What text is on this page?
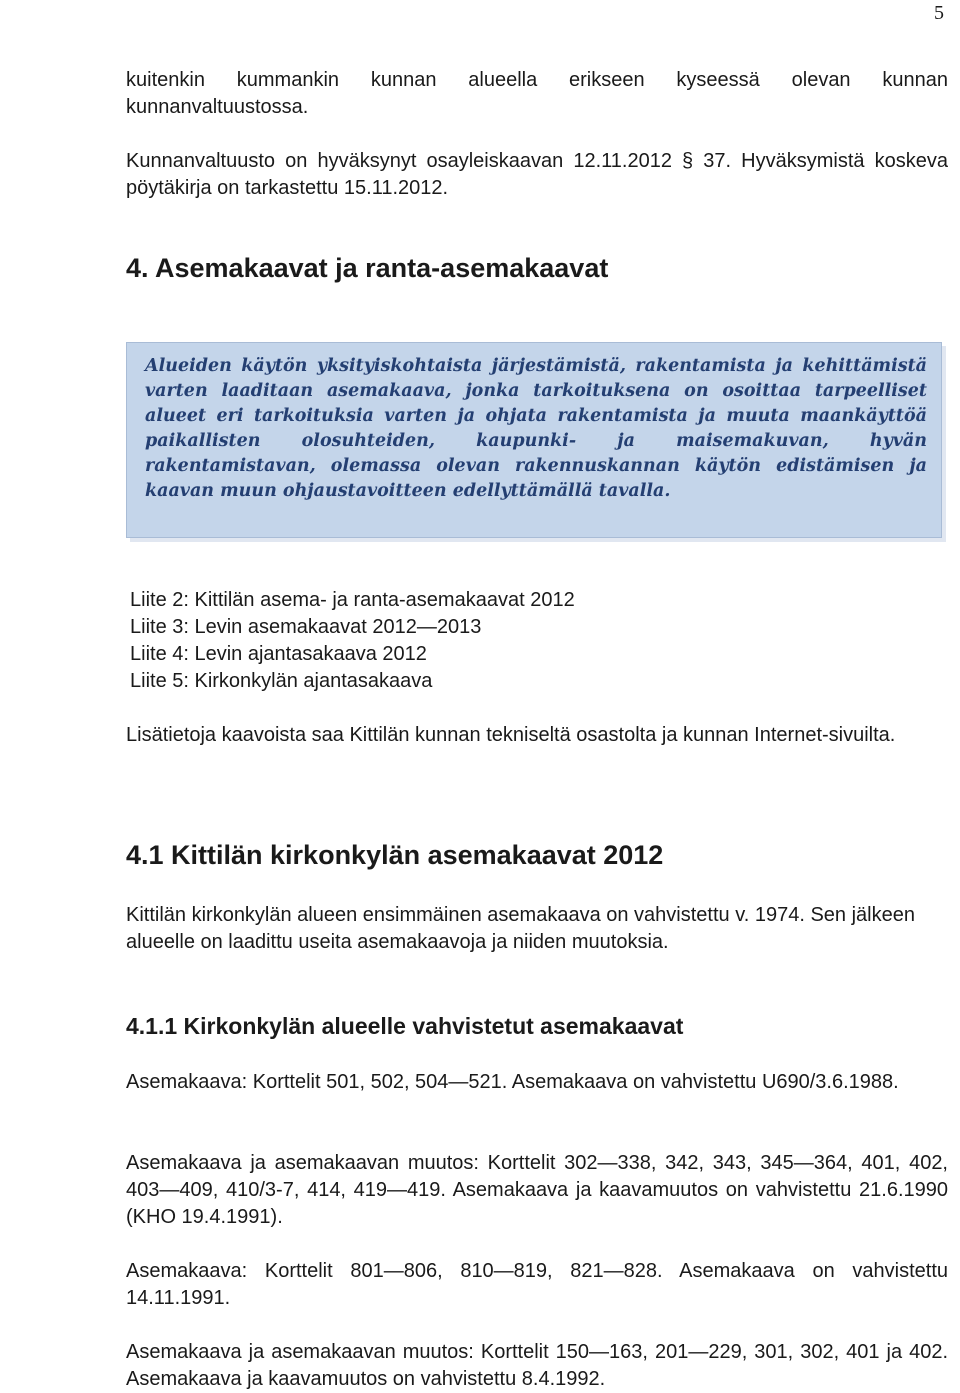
5

kuitenkin kummankin kunnan alueella erikseen kyseessä olevan kunnan kunnanvaltuustossa.

Kunnanvaltuusto on hyväksynyt osayleiskaavan 12.11.2012 § 37. Hyväksymistä koskeva pöytäkirja on tarkastettu 15.11.2012.

4. Asemakaavat ja ranta-asemakaavat

Alueiden käytön yksityiskohtaista järjestämistä, rakentamista ja kehittämistä varten laaditaan asemakaava, jonka tarkoituksena on osoittaa tarpeelliset alueet eri tarkoituksia varten ja ohjata rakentamista ja muuta maankäyttöä paikallisten olosuhteiden, kaupunki- ja maisemakuvan, hyvän rakentamistavan, olemassa olevan rakennuskannan käytön edistämisen ja kaavan muun ohjaustavoitteen edellyttämällä tavalla.

Liite 2: Kittilän asema- ja ranta-asemakaavat 2012
Liite 3: Levin asemakaavat 2012—2013
Liite 4: Levin ajantasakaava 2012
Liite 5: Kirkonkylän ajantasakaava

Lisätietoja kaavoista saa Kittilän kunnan tekniseltä osastolta ja kunnan Internet-sivuilta.

4.1 Kittilän kirkonkylän asemakaavat 2012

Kittilän kirkonkylän alueen ensimmäinen asemakaava on vahvistettu v. 1974. Sen jälkeen alueelle on laadittu useita asemakaavoja ja niiden muutoksia.

4.1.1 Kirkonkylän alueelle vahvistetut asemakaavat

Asemakaava: Korttelit 501, 502, 504—521. Asemakaava on vahvistettu U690/3.6.1988.

Asemakaava ja asemakaavan muutos: Korttelit 302—338, 342, 343, 345—364, 401, 402, 403—409, 410/3-7, 414, 419—419. Asemakaava ja kaavamuutos on vahvistettu 21.6.1990 (KHO 19.4.1991).

Asemakaava: Korttelit 801—806, 810—819, 821—828. Asemakaava on vahvistettu 14.11.1991.

Asemakaava ja asemakaavan muutos: Korttelit 150—163, 201—229, 301, 302, 401 ja 402. Asemakaava ja kaavamuutos on vahvistettu 8.4.1992.
